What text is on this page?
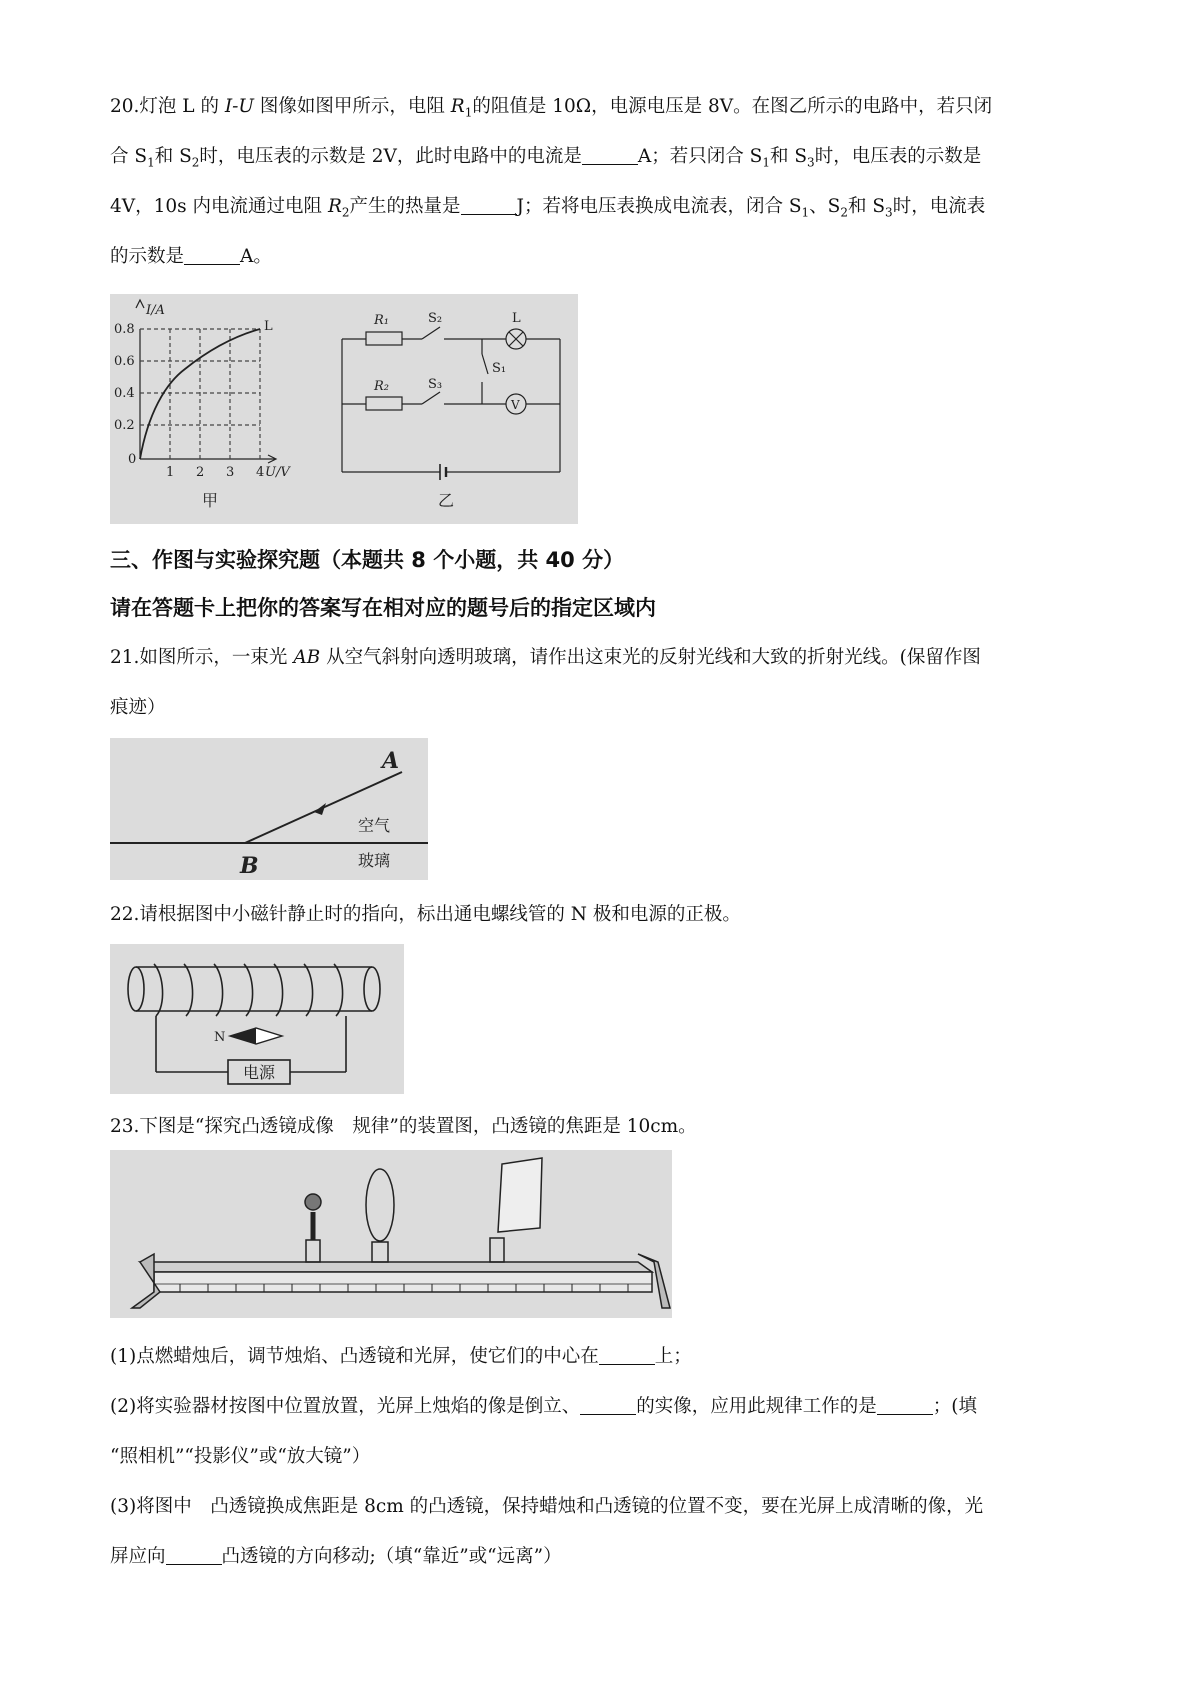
20.灯泡 L 的 I-U 图像如图甲所示，电阻 $R_1$的阻值是 10Ω，电源电压是 8V。在图乙所示的电路中，若只闭
合 $S_1$和 $S_2$时，电压表的示数是 2V，此时电路中的电流是	A；若只闭合 $S_1$和 $S_3$时，电压表的示数是
4V，10s 内电流通过电阻 $R_2$产生的热量是	J；若将电压表换成电流表，闭合 $S_1$、$S_2$和 $S_3$时，电流表
的示数是	A。
I/A
U/V
0.8
0.6
0.4
0.2
0
1 2 3 4
L
甲	乙
R₁
R₂
S₂
S₃
S₁
L
V
三、作图与实验探究题（本题共 8 个小题，共 40 分）
请在答题卡上把你的答案写在相对应的题号后的指定区域内
21.如图所示，一束光 AB 从空气斜射向透明玻璃，请作出这束光的反射光线和大致的折射光线。(保留作图
痕迹）
A
B
空气
玻璃
22.请根据图中小磁针静止时的指向，标出通电螺线管的 N 极和电源的正极。
N
电源
23.下图是“探究凸透镜成像　规律”的装置图，凸透镜的焦距是 10cm。
(1)点燃蜡烛后，调节烛焰、凸透镜和光屏，使它们的中心在	上；
(2)将实验器材按图中位置放置，光屏上烛焰的像是倒立、	的实像，应用此规律工作的是	；(填
“照相机”“投影仪”或“放大镜”）
(3)将图中　凸透镜换成焦距是 8cm 的凸透镜，保持蜡烛和凸透镜的位置不变，要在光屏上成清晰的像，光
屏应向	凸透镜的方向移动;（填“靠近”或“远离”）
